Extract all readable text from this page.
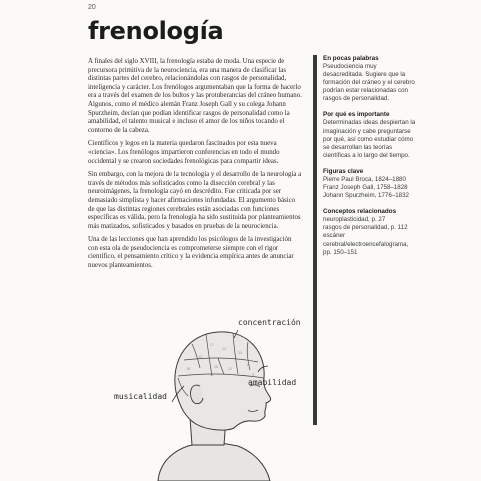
20
frenología

A finales del siglo XVIII, la frenología estaba de moda. Una especie de precursora primitiva de la neurociencia, era una manera de clasificar las distintas partes del cerebro, relacionándolas con rasgos de personalidad, inteligencia y carácter. Los frenólogos argumentaban que la forma de hacerlo era a través del examen de los bultos y las protuberancias del cráneo humano. Algunos, como el médico alemán Franz Joseph Gall y su colega Johann Spurzheim, decían que podían identificar rasgos de personalidad como la amabilidad, el talento musical e incluso el amor de los niños tocando el contorno de la cabeza.

Científicos y legos en la materia quedaron fascinados por esta nueva «ciencia». Los frenólogos impartieron conferencias en todo el mundo occidental y se crearon sociedades frenológicas para compartir ideas.

Sin embargo, con la mejora de la tecnología y el desarrollo de la neurología a través de métodos más sofisticados como la disección cerebral y las neuroimágenes, la frenología cayó en descrédito. Fue criticada por ser demasiado simplista y hacer afirmaciones infundadas. El argumento básico de que las distintas regiones cerebrales están asociadas con funciones específicas es válida, pero la frenología ha sido sustituida por planteamientos más matizados, sofisticados y basados en pruebas de la neurociencia.

Una de las lecciones que han aprendido los psicólogos de la investigación con esta ola de pseudociencia es comprometerse siempre con el rigor científico, el pensamiento crítico y la evidencia empírica antes de anunciar nuevos planteamientos.

En pocas palabras
Pseudociencia muy desacreditada. Sugiere que la formación del cráneo y el cerebro podrían estar relacionadas con rasgos de personalidad.
Por qué es importante
Determinadas ideas despiertan la imaginación y cabe preguntarse por qué, así como estudiar cómo se desarrollan las teorías científicas a lo largo del tiempo.
Figuras clave
Pierre Paul Broca, 1824–1880
Franz Joseph Gall, 1758–1828
Johann Spurzheim, 1776–1832
Conceptos relacionados
neuroplasticidad, p. 27
rasgos de personalidad, p. 112
escáner cerebral/electroencefalograma, pp. 150–151
27
24
35
13
12
16	20	22
9
concentración
musicalidad
amabilidad
